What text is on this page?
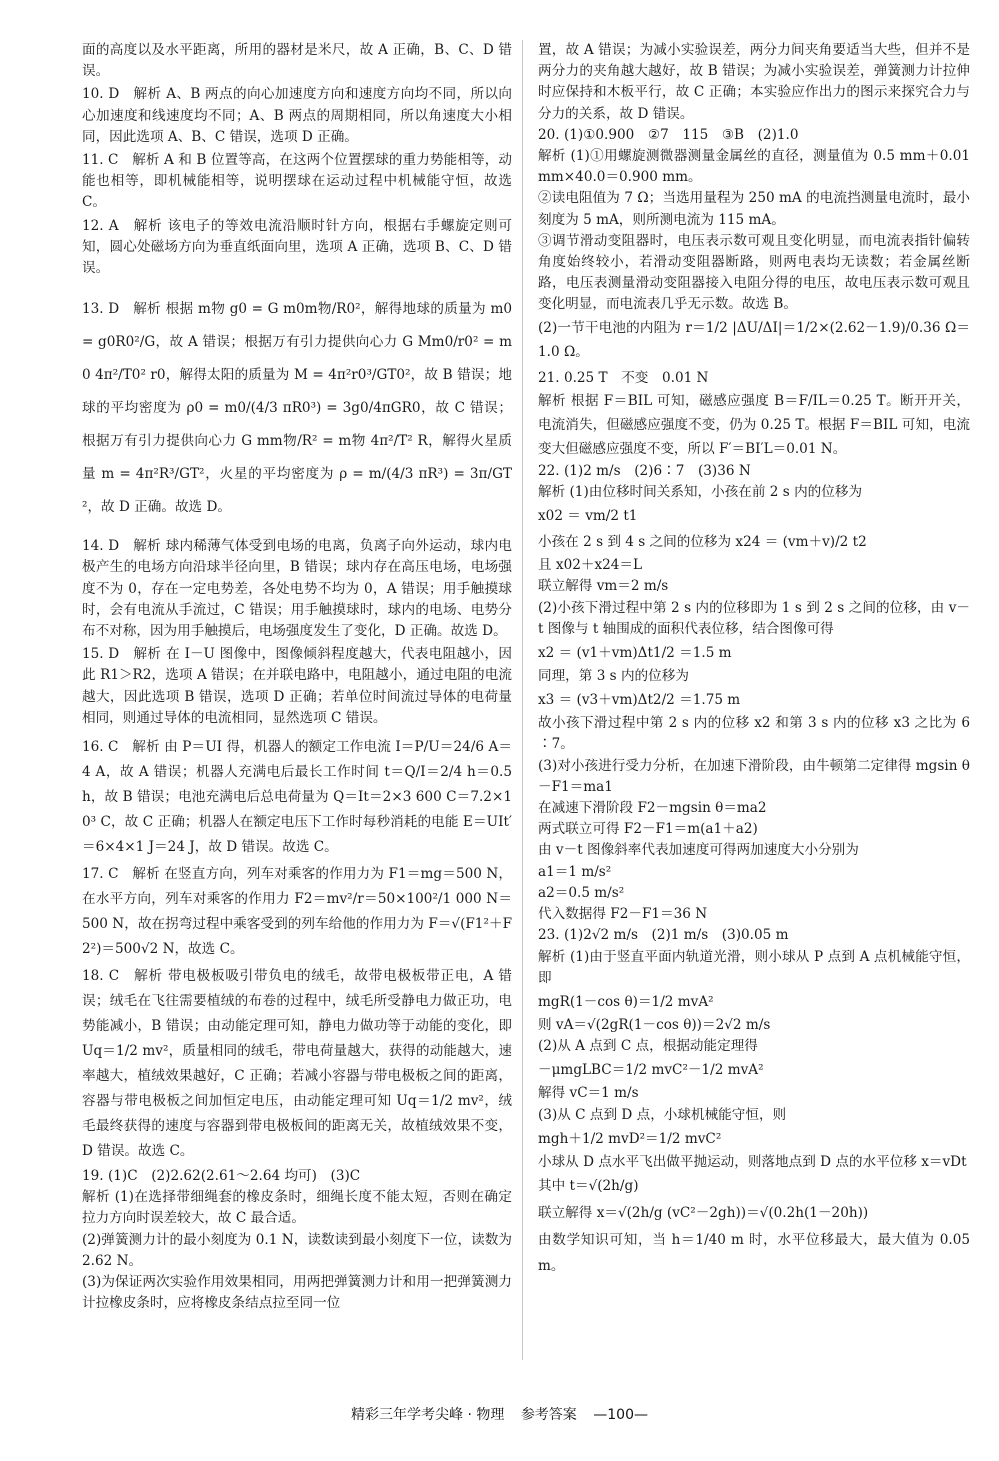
面的高度以及水平距离，所用的器材是米尺，故 A 正确，B、C、D 错误。

10. D　解析 A、B 两点的向心加速度方向和速度方向均不同，所以向心加速度和线速度均不同；A、B 两点的周期相同，所以角速度大小相同，因此选项 A、B、C 错误，选项 D 正确。

11. C　解析 A 和 B 位置等高，在这两个位置摆球的重力势能相等，动能也相等，即机械能相等，说明摆球在运动过程中机械能守恒，故选 C。

12. A　解析 该电子的等效电流沿顺时针方向，根据右手螺旋定则可知，圆心处磁场方向为垂直纸面向里，选项 A 正确，选项 B、C、D 错误。

13. D　解析 根据 m物 g0 = G m0m物/R0²，解得地球的质量为 m0 = g0R0²/G，故 A 错误；根据万有引力提供向心力 G Mm0/r0² = m0 4π²/T0² r0，解得太阳的质量为 M = 4π²r0³/GT0²，故 B 错误；地球的平均密度为 ρ0 = m0/(4/3 πR0³) = 3g0/4πGR0，故 C 错误；根据万有引力提供向心力 G mm物/R² = m物 4π²/T² R，解得火星质量 m = 4π²R³/GT²，火星的平均密度为 ρ = m/(4/3 πR³) = 3π/GT²，故 D 正确。故选 D。

14. D　解析 球内稀薄气体受到电场的电离，负离子向外运动，球内电极产生的电场方向沿球半径向里，B 错误；球内存在高压电场，电场强度不为 0，存在一定电势差，各处电势不均为 0，A 错误；用手触摸球时，会有电流从手流过，C 错误；用手触摸球时，球内的电场、电势分布不对称，因为用手触摸后，电场强度发生了变化，D 正确。故选 D。

15. D　解析 在 I－U 图像中，图像倾斜程度越大，代表电阻越小，因此 R1＞R2，选项 A 错误；在并联电路中，电阻越小，通过电阻的电流越大，因此选项 B 错误，选项 D 正确；若单位时间流过导体的电荷量相同，则通过导体的电流相同，显然选项 C 错误。

16. C　解析 由 P＝UI 得，机器人的额定工作电流 I＝P/U＝24/6 A＝4 A，故 A 错误；机器人充满电后最长工作时间 t＝Q/I＝2/4 h＝0.5 h，故 B 错误；电池充满电后总电荷量为 Q＝It＝2×3 600 C＝7.2×10³ C，故 C 正确；机器人在额定电压下工作时每秒消耗的电能 E＝UIt′＝6×4×1 J＝24 J，故 D 错误。故选 C。

17. C　解析 在竖直方向，列车对乘客的作用力为 F1＝mg＝500 N，在水平方向，列车对乘客的作用力 F2＝mv²/r＝50×100²/1 000 N＝500 N，故在拐弯过程中乘客受到的列车给他的作用力为 F＝√(F1²＋F2²)＝500√2 N，故选 C。

18. C　解析 带电极板吸引带负电的绒毛，故带电极板带正电，A 错误；绒毛在飞往需要植绒的布卷的过程中，绒毛所受静电力做正功，电势能减小，B 错误；由动能定理可知，静电力做功等于动能的变化，即 Uq＝1/2 mv²，质量相同的绒毛，带电荷量越大，获得的动能越大，速率越大，植绒效果越好，C 正确；若减小容器与带电极板之间的距离，容器与带电极板之间加恒定电压，由动能定理可知 Uq＝1/2 mv²，绒毛最终获得的速度与容器到带电极板间的距离无关，故植绒效果不变，D 错误。故选 C。

19. (1)C　(2)2.62(2.61～2.64 均可)　(3)C

解析 (1)在选择带细绳套的橡皮条时，细绳长度不能太短，否则在确定拉力方向时误差较大，故 C 最合适。

(2)弹簧测力计的最小刻度为 0.1 N，读数读到最小刻度下一位，读数为 2.62 N。

(3)为保证两次实验作用效果相同，用两把弹簧测力计和用一把弹簧测力计拉橡皮条时，应将橡皮条结点拉至同一位

置，故 A 错误；为减小实验误差，两分力间夹角要适当大些，但并不是两分力的夹角越大越好，故 B 错误；为减小实验误差，弹簧测力计拉伸时应保持和木板平行，故 C 正确；本实验应作出力的图示来探究合力与分力的关系，故 D 错误。

20. (1)①0.900　②7　115　③B　(2)1.0

解析 (1)①用螺旋测微器测量金属丝的直径，测量值为 0.5 mm＋0.01 mm×40.0＝0.900 mm。

②读电阻值为 7 Ω；当选用量程为 250 mA 的电流挡测量电流时，最小刻度为 5 mA，则所测电流为 115 mA。

③调节滑动变阻器时，电压表示数可观且变化明显，而电流表指针偏转角度始终较小，若滑动变阻器断路，则两电表均无读数；若金属丝断路，电压表测量滑动变阻器接入电阻分得的电压，故电压表示数可观且变化明显，而电流表几乎无示数。故选 B。

(2)一节干电池的内阻为 r＝1/2 |ΔU/ΔI|＝1/2×(2.62－1.9)/0.36 Ω＝1.0 Ω。

21. 0.25 T　不变　0.01 N

解析 根据 F＝BIL 可知，磁感应强度 B＝F/IL＝0.25 T。断开开关，电流消失，但磁感应强度不变，仍为 0.25 T。根据 F＝BIL 可知，电流变大但磁感应强度不变，所以 F′＝BI′L＝0.01 N。

22. (1)2 m/s　(2)6∶7　(3)36 N

解析 (1)由位移时间关系知，小孩在前 2 s 内的位移为

x02 ＝ vm/2 t1

小孩在 2 s 到 4 s 之间的位移为 x24 ＝ (vm＋v)/2 t2

且 x02＋x24＝L

联立解得 vm＝2 m/s

(2)小孩下滑过程中第 2 s 内的位移即为 1 s 到 2 s 之间的位移，由 v－t 图像与 t 轴围成的面积代表位移，结合图像可得

x2 ＝ (v1＋vm)Δt1/2 ＝1.5 m

同理，第 3 s 内的位移为

x3 ＝ (v3＋vm)Δt2/2 ＝1.75 m

故小孩下滑过程中第 2 s 内的位移 x2 和第 3 s 内的位移 x3 之比为 6∶7。

(3)对小孩进行受力分析，在加速下滑阶段，由牛顿第二定律得 mgsin θ－F1＝ma1

在减速下滑阶段 F2－mgsin θ＝ma2

两式联立可得 F2－F1＝m(a1＋a2)

由 v－t 图像斜率代表加速度可得两加速度大小分别为

a1＝1 m/s²

a2＝0.5 m/s²

代入数据得 F2－F1＝36 N

23. (1)2√2 m/s　(2)1 m/s　(3)0.05 m

解析 (1)由于竖直平面内轨道光滑，则小球从 P 点到 A 点机械能守恒，即

mgR(1－cos θ)＝1/2 mvA²

则 vA＝√(2gR(1－cos θ))＝2√2 m/s

(2)从 A 点到 C 点，根据动能定理得

－μmgLBC＝1/2 mvC²－1/2 mvA²

解得 vC＝1 m/s

(3)从 C 点到 D 点，小球机械能守恒，则

mgh＋1/2 mvD²＝1/2 mvC²

小球从 D 点水平飞出做平抛运动，则落地点到 D 点的水平位移 x＝vDt

其中 t＝√(2h/g)

联立解得 x＝√(2h/g (vC²－2gh))＝√(0.2h(1－20h))

由数学知识可知，当 h＝1/40 m 时，水平位移最大，最大值为 0.05 m。

精彩三年学考尖峰 · 物理 参考答案 —100—
